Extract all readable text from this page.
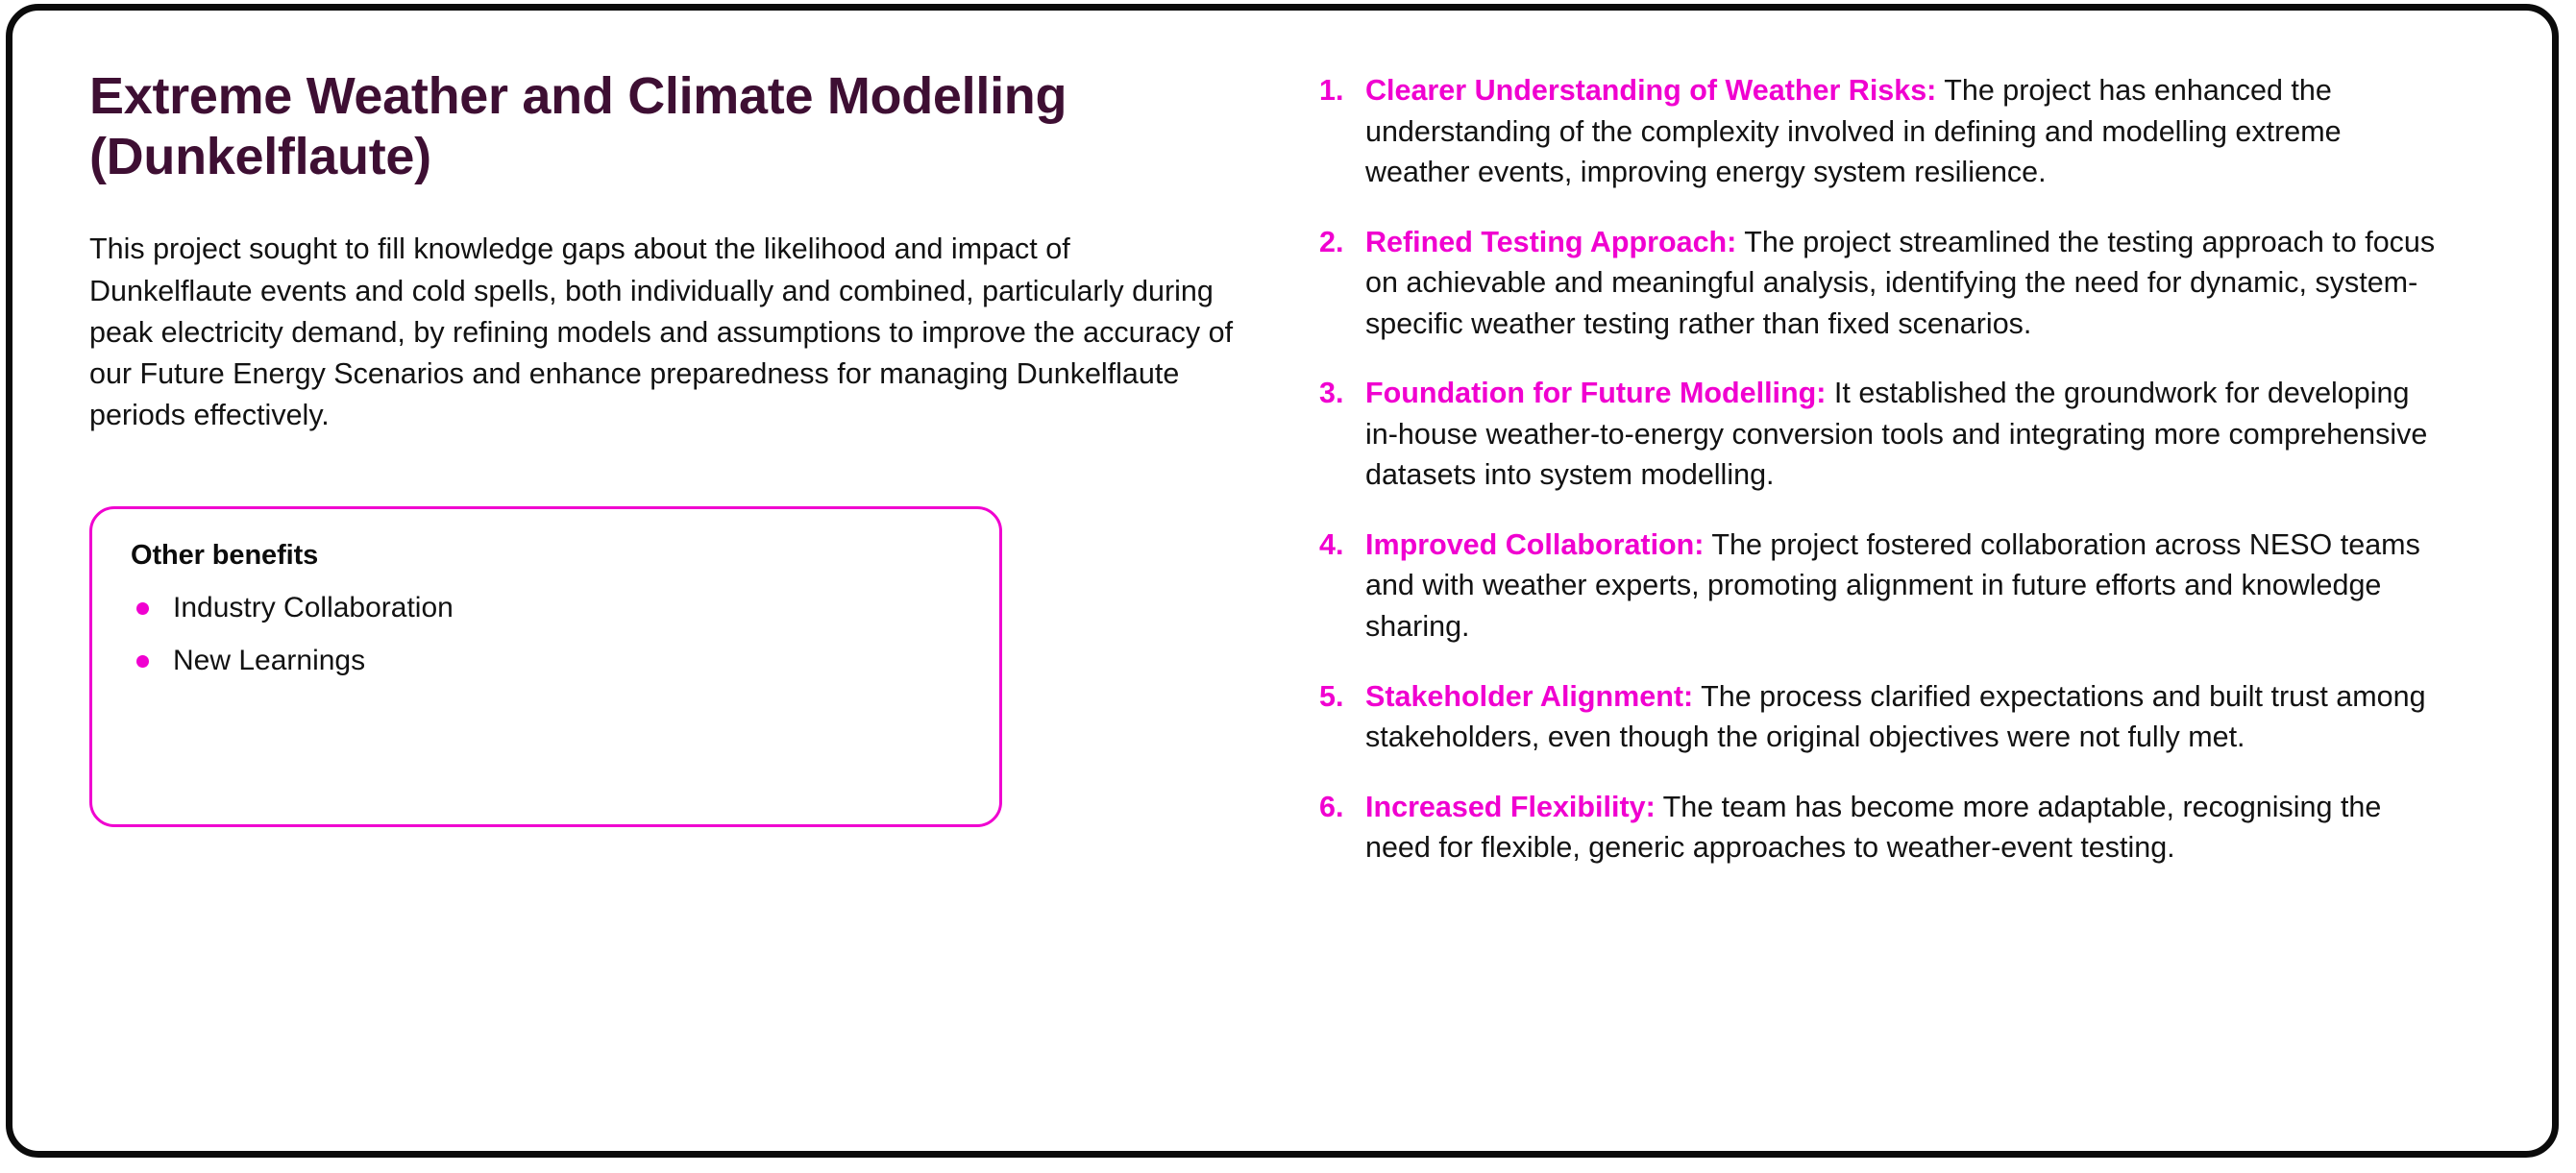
Extreme Weather and Climate Modelling (Dunkelflaute)

This project sought to fill knowledge gaps about the likelihood and impact of Dunkelflaute events and cold spells, both individually and combined, particularly during peak electricity demand, by refining models and assumptions to improve the accuracy of our Future Energy Scenarios and enhance preparedness for managing Dunkelflaute periods effectively.

Other benefits
Industry Collaboration
New Learnings
1. Clearer Understanding of Weather Risks: The project has enhanced the understanding of the complexity involved in defining and modelling extreme weather events, improving energy system resilience.
2. Refined Testing Approach: The project streamlined the testing approach to focus on achievable and meaningful analysis, identifying the need for dynamic, system-specific weather testing rather than fixed scenarios.
3. Foundation for Future Modelling: It established the groundwork for developing in-house weather-to-energy conversion tools and integrating more comprehensive datasets into system modelling.
4. Improved Collaboration: The project fostered collaboration across NESO teams and with weather experts, promoting alignment in future efforts and knowledge sharing.
5. Stakeholder Alignment: The process clarified expectations and built trust among stakeholders, even though the original objectives were not fully met.
6. Increased Flexibility: The team has become more adaptable, recognising the need for flexible, generic approaches to weather-event testing.
